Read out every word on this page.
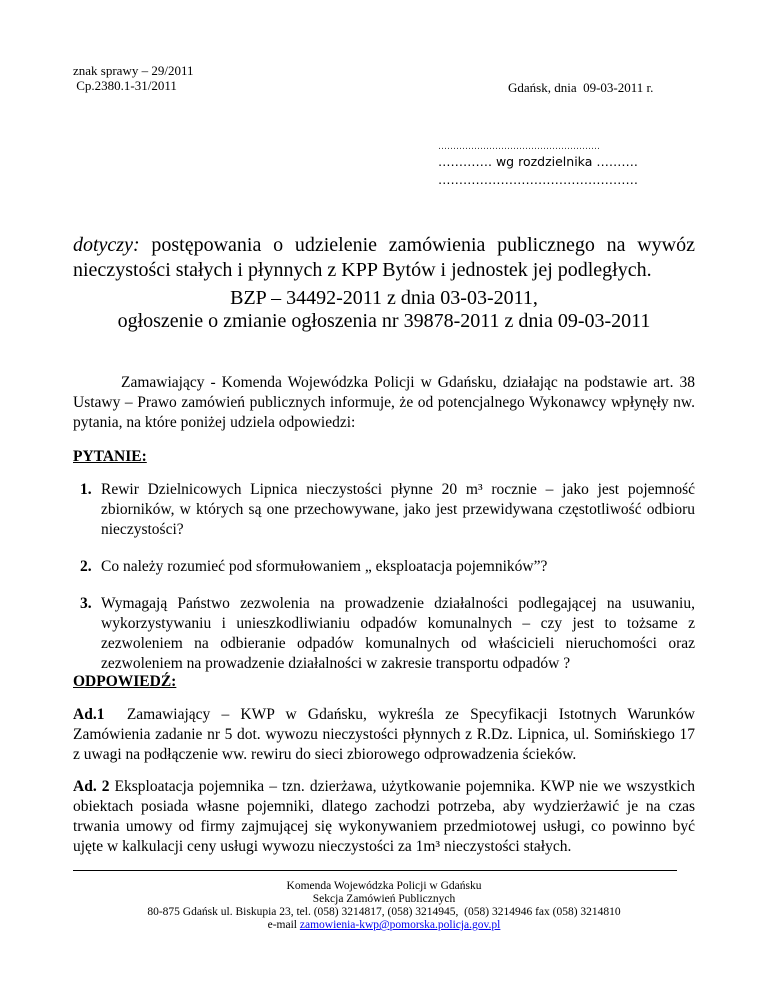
znak sprawy – 29/2011
Cp.2380.1-31/2011	Gdańsk, dnia  09-03-2011 r.
………………………………………………
…………. wg rozdzielnika ……….
…………………………………………
dotyczy: postępowania o udzielenie zamówienia publicznego na wywóz nieczystości stałych i płynnych z KPP Bytów i jednostek jej podległych.
BZP – 34492-2011 z dnia 03-03-2011,
ogłoszenie o zmianie ogłoszenia nr 39878-2011 z dnia 09-03-2011
Zamawiający - Komenda Wojewódzka Policji w Gdańsku, działając na podstawie art. 38 Ustawy – Prawo zamówień publicznych informuje, że od potencjalnego Wykonawcy wpłynęły nw. pytania, na które poniżej udziela odpowiedzi:
PYTANIE:
1. Rewir Dzielnicowych Lipnica nieczystości płynne 20 m³ rocznie – jako jest pojemność zbiorników, w których są one przechowywane, jako jest przewidywana częstotliwość odbioru nieczystości?
2. Co należy rozumieć pod sformułowaniem „ eksploatacja pojemników”?
3. Wymagają Państwo zezwolenia na prowadzenie działalności podlegającej na usuwaniu, wykorzystywaniu i unieszkodliwianiu odpadów komunalnych – czy jest to tożsame z zezwoleniem na odbieranie odpadów komunalnych od właścicieli nieruchomości oraz zezwoleniem na prowadzenie działalności w zakresie transportu odpadów ?
ODPOWIEDŹ:
Ad.1  Zamawiający – KWP w Gdańsku, wykreśla ze Specyfikacji Istotnych Warunków Zamówienia zadanie nr 5 dot. wywozu nieczystości płynnych z R.Dz. Lipnica, ul. Somińskiego 17 z uwagi na podłączenie ww. rewiru do sieci zbiorowego odprowadzenia ścieków.
Ad. 2 Eksploatacja pojemnika – tzn. dzierżawa, użytkowanie pojemnika. KWP nie we wszystkich obiektach posiada własne pojemniki, dlatego zachodzi potrzeba, aby wydzierżawić je na czas trwania umowy od firmy zajmującej się wykonywaniem przedmiotowej usługi, co powinno być ujęte w kalkulacji ceny usługi wywozu nieczystości za 1m³ nieczystości stałych.
Komenda Wojewódzka Policji w Gdańsku
Sekcja Zamówień Publicznych
80-875 Gdańsk ul. Biskupia 23, tel. (058) 3214817, (058) 3214945,  (058) 3214946 fax (058) 3214810
e-mail zamowienia-kwp@pomorska.policja.gov.pl
